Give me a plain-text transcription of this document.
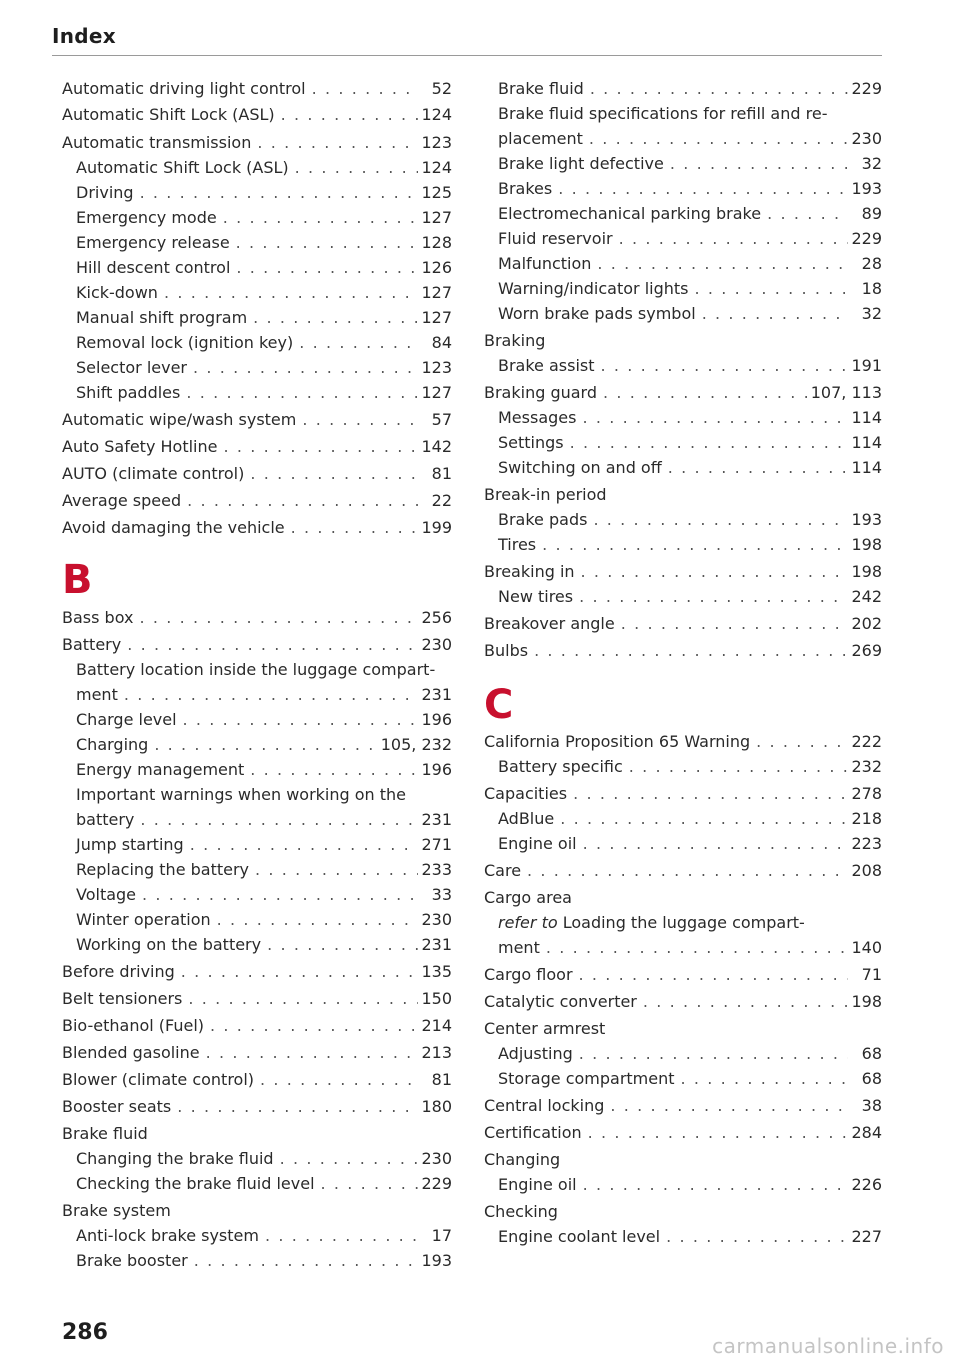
Index
Automatic driving light control . . .	52
Automatic Shift Lock (ASL) . . .	124
Automatic transmission . . .	123
Automatic Shift Lock (ASL) . . .	124
Driving . . .	125
Emergency mode . . .	127
Emergency release . . .	128
Hill descent control . . .	126
Kick-down . . .	127
Manual shift program . . .	127
Removal lock (ignition key) . . .	84
Selector lever . . .	123
Shift paddles . . .	127
Automatic wipe/wash system . . .	57
Auto Safety Hotline . . .	142
AUTO (climate control) . . .	81
Average speed . . .	22
Avoid damaging the vehicle . . .	199
B
Bass box . . .	256
Battery . . .	230
Battery location inside the luggage compart-
ment . . .	231
Charge level . . .	196
Charging . . .	105, 232
Energy management . . .	196
Important warnings when working on the
battery . . .	231
Jump starting . . .	271
Replacing the battery . . .	233
Voltage . . .	33
Winter operation . . .	230
Working on the battery . . .	231
Before driving . . .	135
Belt tensioners . . .	150
Bio-ethanol (Fuel) . . .	214
Blended gasoline . . .	213
Blower (climate control) . . .	81
Booster seats . . .	180
Brake fluid
Changing the brake fluid . . .	230
Checking the brake fluid level . . .	229
Brake system
Anti-lock brake system . . .	17
Brake booster . . .	193
Brake fluid . . .	229
Brake fluid specifications for refill and re-
placement . . .	230
Brake light defective . . .	32
Brakes . . .	193
Electromechanical parking brake . . .	89
Fluid reservoir . . .	229
Malfunction . . .	28
Warning/indicator lights . . .	18
Worn brake pads symbol . . .	32
Braking
Brake assist . . .	191
Braking guard . . .	107, 113
Messages . . .	114
Settings . . .	114
Switching on and off . . .	114
Break-in period
Brake pads . . .	193
Tires . . .	198
Breaking in . . .	198
New tires . . .	242
Breakover angle . . .	202
Bulbs . . .	269
C
California Proposition 65 Warning . . .	222
Battery specific . . .	232
Capacities . . .	278
AdBlue . . .	218
Engine oil . . .	223
Care . . .	208
Cargo area
refer to Loading the luggage compart-
ment . . .	140
Cargo floor . . .	71
Catalytic converter . . .	198
Center armrest
Adjusting . . .	68
Storage compartment . . .	68
Central locking . . .	38
Certification . . .	284
Changing
Engine oil . . .	226
Checking
Engine coolant level . . .	227
286
carmanualsonline.info
